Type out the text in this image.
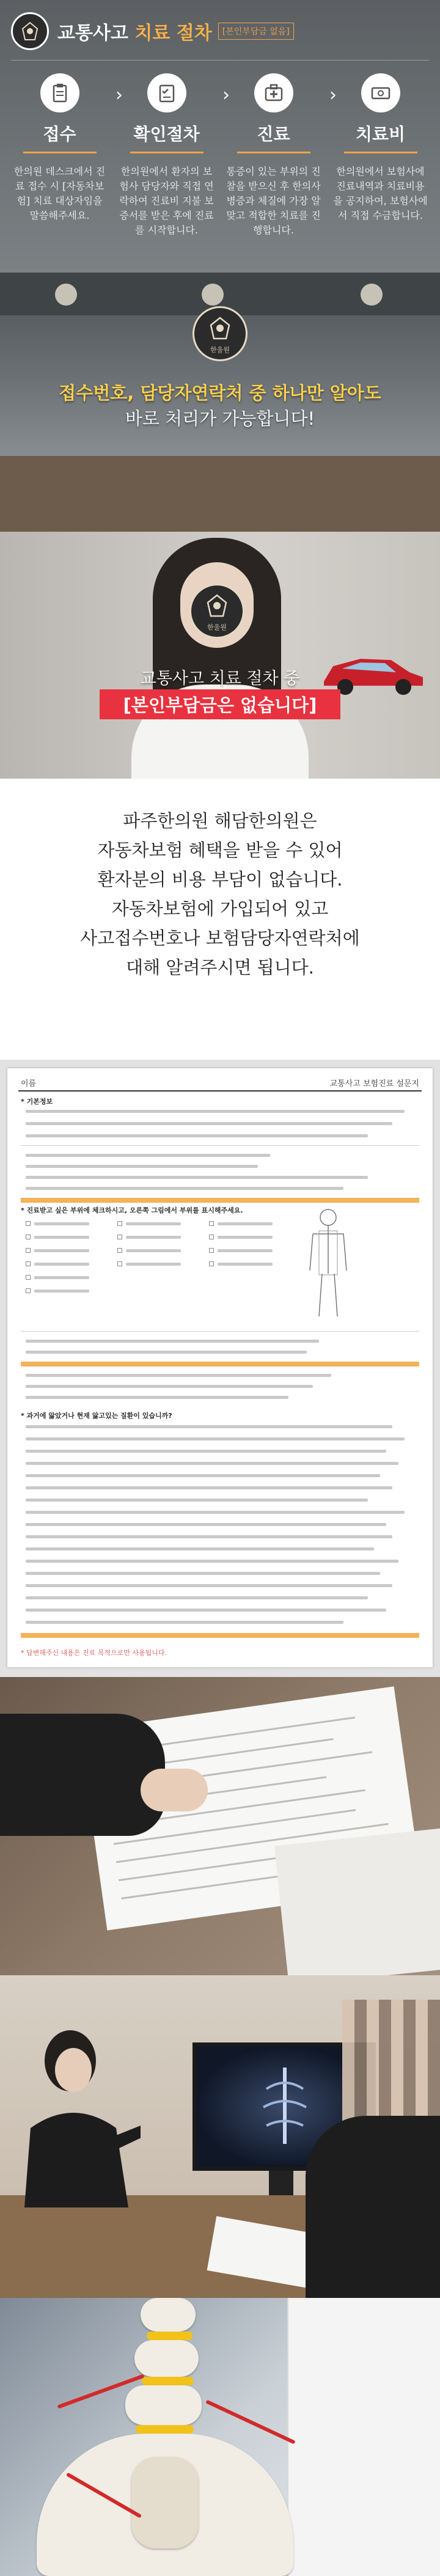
교통사고 치료 절차	[본인부담금 없음]
접수
한의원 데스크에서 진료 접수 시 [자동차보험] 치료 대상자임을 말씀해주세요.
›
확인절차
한의원에서 환자의 보험사 담당자와 직접 연락하여 진료비 지불 보증서를 받은 후에 진료를 시작합니다.
›
진료
통증이 있는 부위의 진찰을 받으신 후 한의사 병증과 체질에 가장 알맞고 적합한 치료를 진행합니다.
›
치료비
한의원에서 보험사에 진료내역과 치료비용을 공지하여, 보험사에서 직접 수금합니다.
한울원
접수번호, 담당자연락처 중 하나만 알아도
바로 처리가 가능합니다!
한울원
교통사고 치료 절차 중
[본인부담금은 없습니다]
파주한의원 해담한의원은
자동차보험 혜택을 받을 수 있어
환자분의 비용 부담이 없습니다.
자동차보험에 가입되어 있고
사고접수번호나 보험담당자연락처에
대해 알려주시면 됩니다.
이름	교통사고 보험진료 설문지
* 기본정보
* 진료받고 싶은 부위에 체크하시고, 오른쪽 그림에서 부위를 표시해주세요.
* 과거에 앓았거나 현재 앓고있는 질환이 있습니까?
* 답변해주신 내용은 진료 목적으로만 사용됩니다.
